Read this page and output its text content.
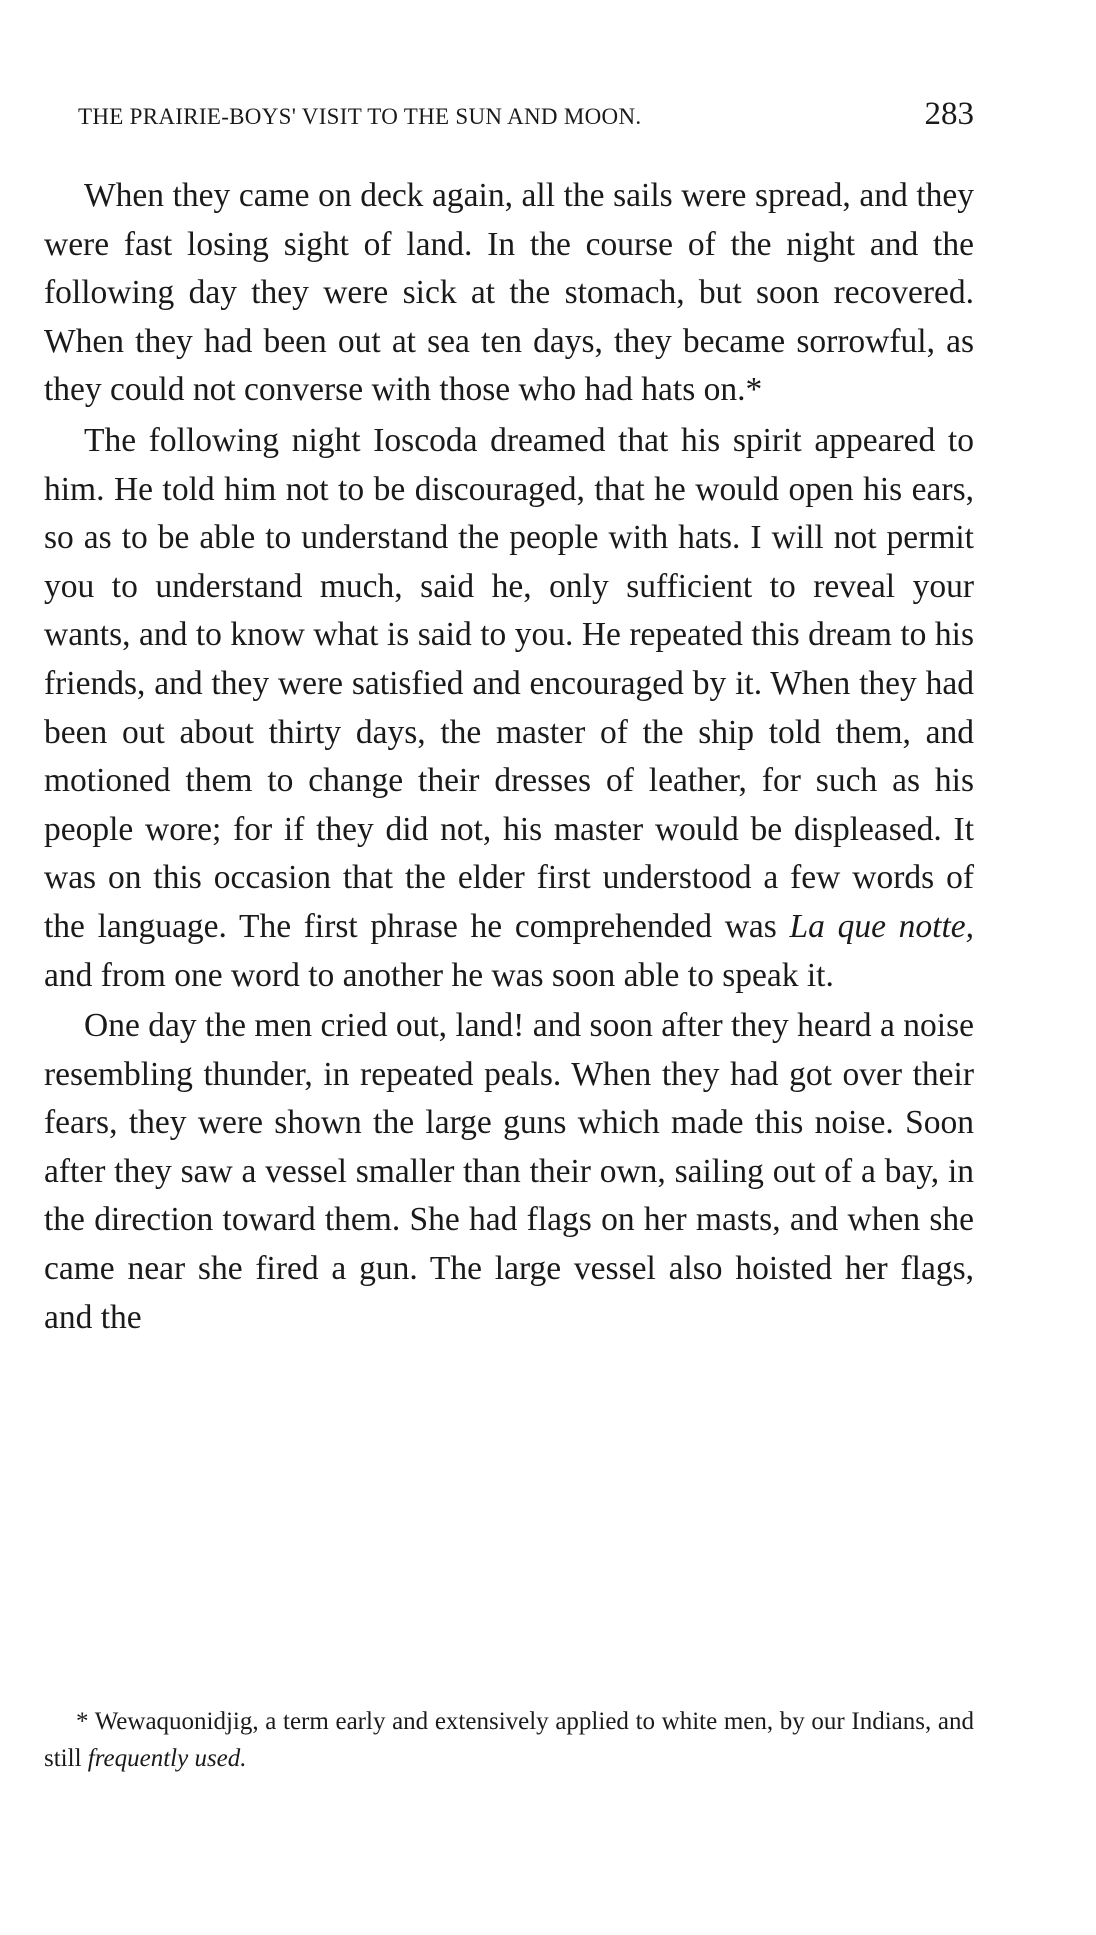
THE PRAIRIE-BOYS' VISIT TO THE SUN AND MOON.	283

When they came on deck again, all the sails were spread, and they were fast losing sight of land. In the course of the night and the following day they were sick at the stomach, but soon recovered. When they had been out at sea ten days, they became sorrowful, as they could not converse with those who had hats on.*

The following night Ioscoda dreamed that his spirit appeared to him. He told him not to be discouraged, that he would open his ears, so as to be able to understand the people with hats. I will not permit you to understand much, said he, only sufficient to reveal your wants, and to know what is said to you. He repeated this dream to his friends, and they were satisfied and encouraged by it. When they had been out about thirty days, the master of the ship told them, and motioned them to change their dresses of leather, for such as his people wore; for if they did not, his master would be displeased. It was on this occasion that the elder first understood a few words of the language. The first phrase he comprehended was La que notte, and from one word to another he was soon able to speak it.

One day the men cried out, land! and soon after they heard a noise resembling thunder, in repeated peals. When they had got over their fears, they were shown the large guns which made this noise. Soon after they saw a vessel smaller than their own, sailing out of a bay, in the direction toward them. She had flags on her masts, and when she came near she fired a gun. The large vessel also hoisted her flags, and the

* Wewaquonidjig, a term early and extensively applied to white men, by our Indians, and still frequently used.
